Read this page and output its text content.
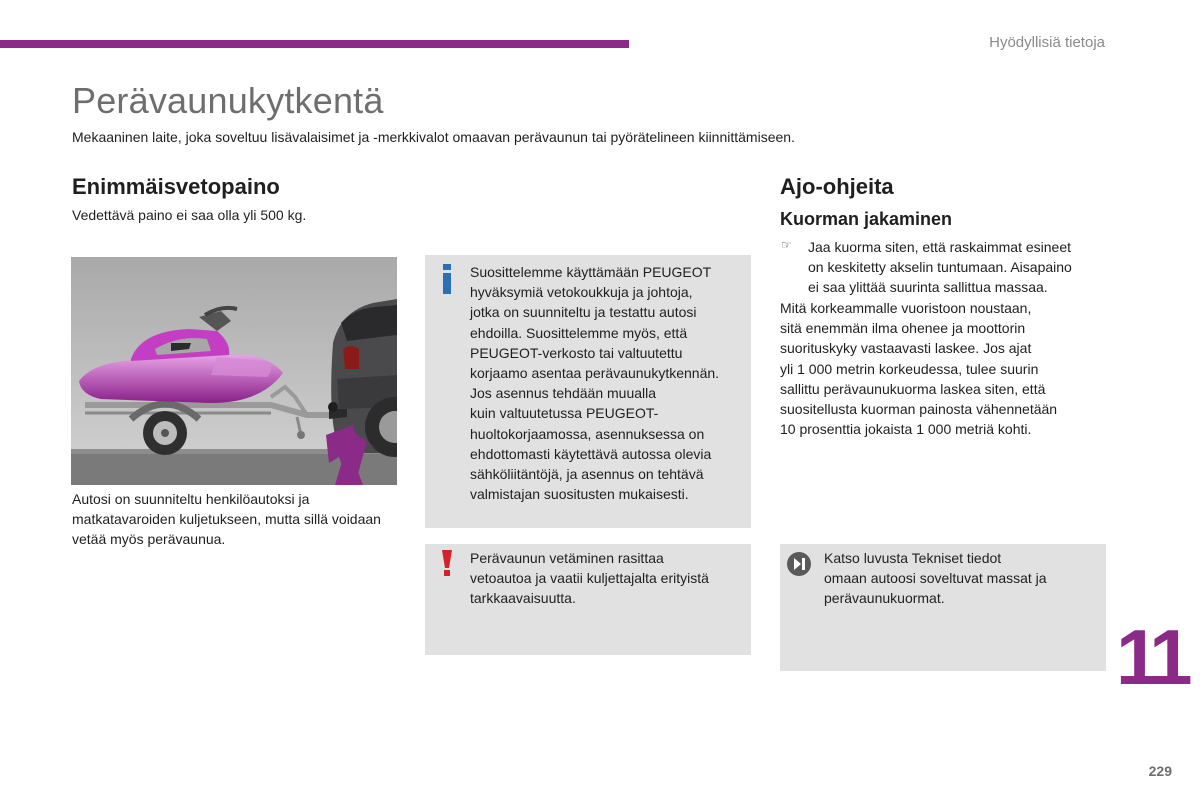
Hyödyllisiä tietoja
Perävaunukytkentä
Mekaaninen laite, joka soveltuu lisävalaisimet ja -merkkivalot omaavan perävaunun tai pyörätelineen kiinnittämiseen.
Enimmäisvetopaino
Vedettävä paino ei saa olla yli 500 kg.
Autosi on suunniteltu henkilöautoksi ja matkatavaroiden kuljetukseen, mutta sillä voidaan vetää myös perävaunua.
Suosittelemme käyttämään PEUGEOT
hyväksymiä vetokoukkuja ja johtoja,
jotka on suunniteltu ja testattu autosi
ehdoilla. Suosittelemme myös, että
PEUGEOT-verkosto tai valtuutettu
korjaamo asentaa perävaunukytkennän.
Jos asennus tehdään muualla
kuin valtuutetussa PEUGEOT-
huoltokorjaamossa, asennuksessa on
ehdottomasti käytettävä autossa olevia
sähköliitäntöjä, ja asennus on tehtävä
valmistajan suositusten mukaisesti.
Perävaunun vetäminen rasittaa
vetoautoa ja vaatii kuljettajalta erityistä
tarkkaavaisuutta.
Ajo-ohjeita
Kuorman jakaminen
☞ Jaa kuorma siten, että raskaimmat esineet
on keskitetty akselin tuntumaan. Aisapaino
ei saa ylittää suurinta sallittua massaa.
Mitä korkeammalle vuoristoon noustaan,
sitä enemmän ilma ohenee ja moottorin
suorituskyky vastaavasti laskee. Jos ajat
yli 1 000 metrin korkeudessa, tulee suurin
sallittu perävaunukuorma laskea siten, että
suositellusta kuorman painosta vähennetään
10 prosenttia jokaista 1 000 metriä kohti.
Katso luvusta Tekniset tiedot
omaan autoosi soveltuvat massat ja
perävaunukuormat.
11
229
